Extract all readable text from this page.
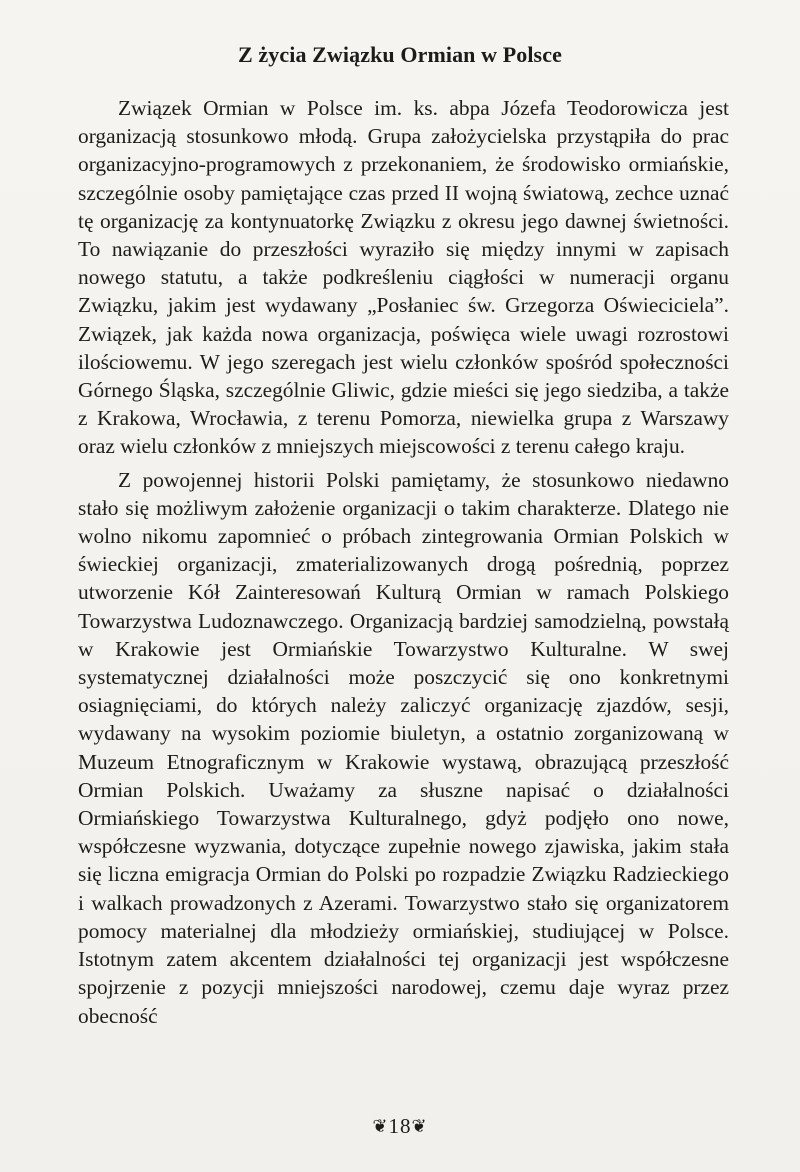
Z życia Związku Ormian w Polsce

Związek Ormian w Polsce im. ks. abpa Józefa Teodorowicza jest organizacją stosunkowo młodą. Grupa założycielska przystąpiła do prac organizacyjno-programowych z przekonaniem, że środowisko ormiańskie, szczególnie osoby pamiętające czas przed II wojną światową, zechce uznać tę organizację za kontynuatorkę Związku z okresu jego dawnej świetności. To nawiązanie do przeszłości wyraziło się między innymi w zapisach nowego statutu, a także podkreśleniu ciągłości w numeracji organu Związku, jakim jest wydawany „Posłaniec św. Grzegorza Oświeciciela”. Związek, jak każda nowa organizacja, poświęca wiele uwagi rozrostowi ilościowemu. W jego szeregach jest wielu członków spośród społeczności Górnego Śląska, szczególnie Gliwic, gdzie mieści się jego siedziba, a także z Krakowa, Wrocławia, z terenu Pomorza, niewielka grupa z Warszawy oraz wielu członków z mniejszych miejscowości z terenu całego kraju.

Z powojennej historii Polski pamiętamy, że stosunkowo niedawno stało się możliwym założenie organizacji o takim charakterze. Dlatego nie wolno nikomu zapomnieć o próbach zintegrowania Ormian Polskich w świeckiej organizacji, zmaterializowanych drogą pośrednią, poprzez utworzenie Kół Zainteresowań Kulturą Ormian w ramach Polskiego Towarzystwa Ludoznawczego. Organizacją bardziej samodzielną, powstałą w Krakowie jest Ormiańskie Towarzystwo Kulturalne. W swej systematycznej działalności może poszczycić się ono konkretnymi osiagnięciami, do których należy zaliczyć organizację zjazdów, sesji, wydawany na wysokim poziomie biuletyn, a ostatnio zorganizowaną w Muzeum Etnograficznym w Krakowie wystawą, obrazującą przeszłość Ormian Polskich. Uważamy za słuszne napisać o działalności Ormiańskiego Towarzystwa Kulturalnego, gdyż podjęło ono nowe, współczesne wyzwania, dotyczące zupełnie nowego zjawiska, jakim stała się liczna emigracja Ormian do Polski po rozpadzie Związku Radzieckiego i walkach prowadzonych z Azerami. Towarzystwo stało się organizatorem pomocy materialnej dla młodzieży ormiańskiej, studiującej w Polsce. Istotnym zatem akcentem działalności tej organizacji jest współczesne spojrzenie z pozycji mniejszości narodowej, czemu daje wyraz przez obecność

❦18❦
